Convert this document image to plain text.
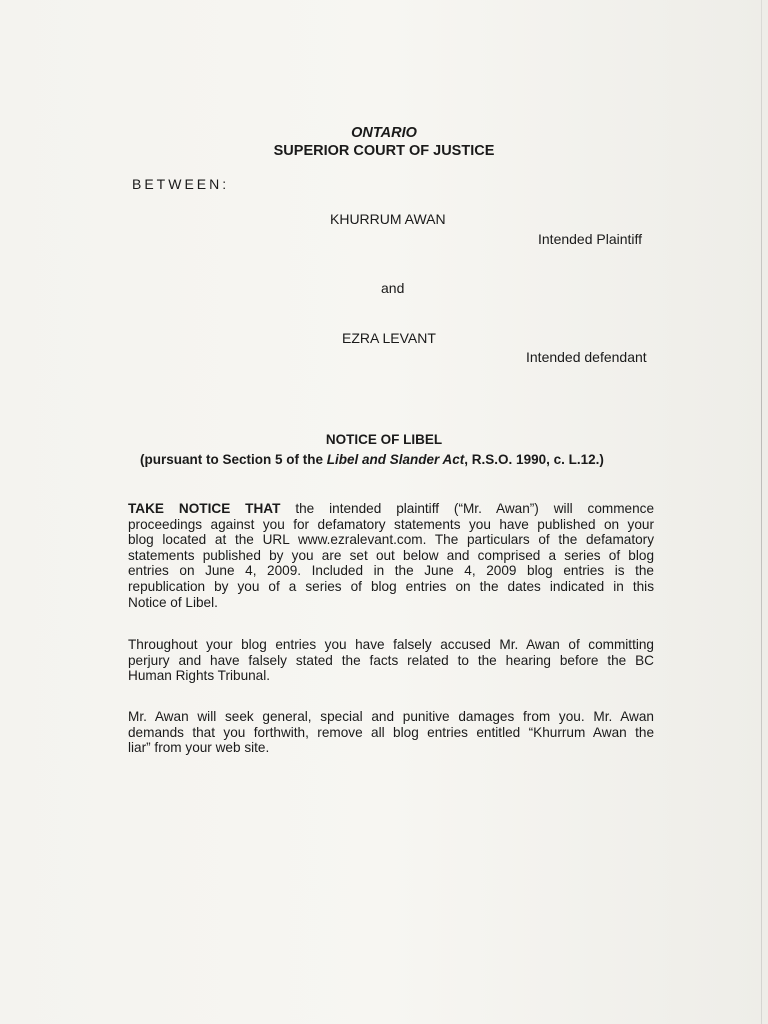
ONTARIO
SUPERIOR COURT OF JUSTICE
BETWEEN:
KHURRUM AWAN
Intended Plaintiff
and
EZRA LEVANT
Intended defendant
NOTICE OF LIBEL
(pursuant to Section 5 of the Libel and Slander Act, R.S.O. 1990, c. L.12.)
TAKE NOTICE THAT the intended plaintiff (“Mr. Awan”) will commence
proceedings against you for defamatory statements you have published on your
blog located at the URL www.ezralevant.com. The particulars of the defamatory
statements published by you are set out below and comprised a series of blog
entries on June 4, 2009. Included in the June 4, 2009 blog entries is the
republication by you of a series of blog entries on the dates indicated in this
Notice of Libel.
Throughout your blog entries you have falsely accused Mr. Awan of committing
perjury and have falsely stated the facts related to the hearing before the BC
Human Rights Tribunal.
Mr. Awan will seek general, special and punitive damages from you. Mr. Awan
demands that you forthwith, remove all blog entries entitled “Khurrum Awan the
liar” from your web site.
